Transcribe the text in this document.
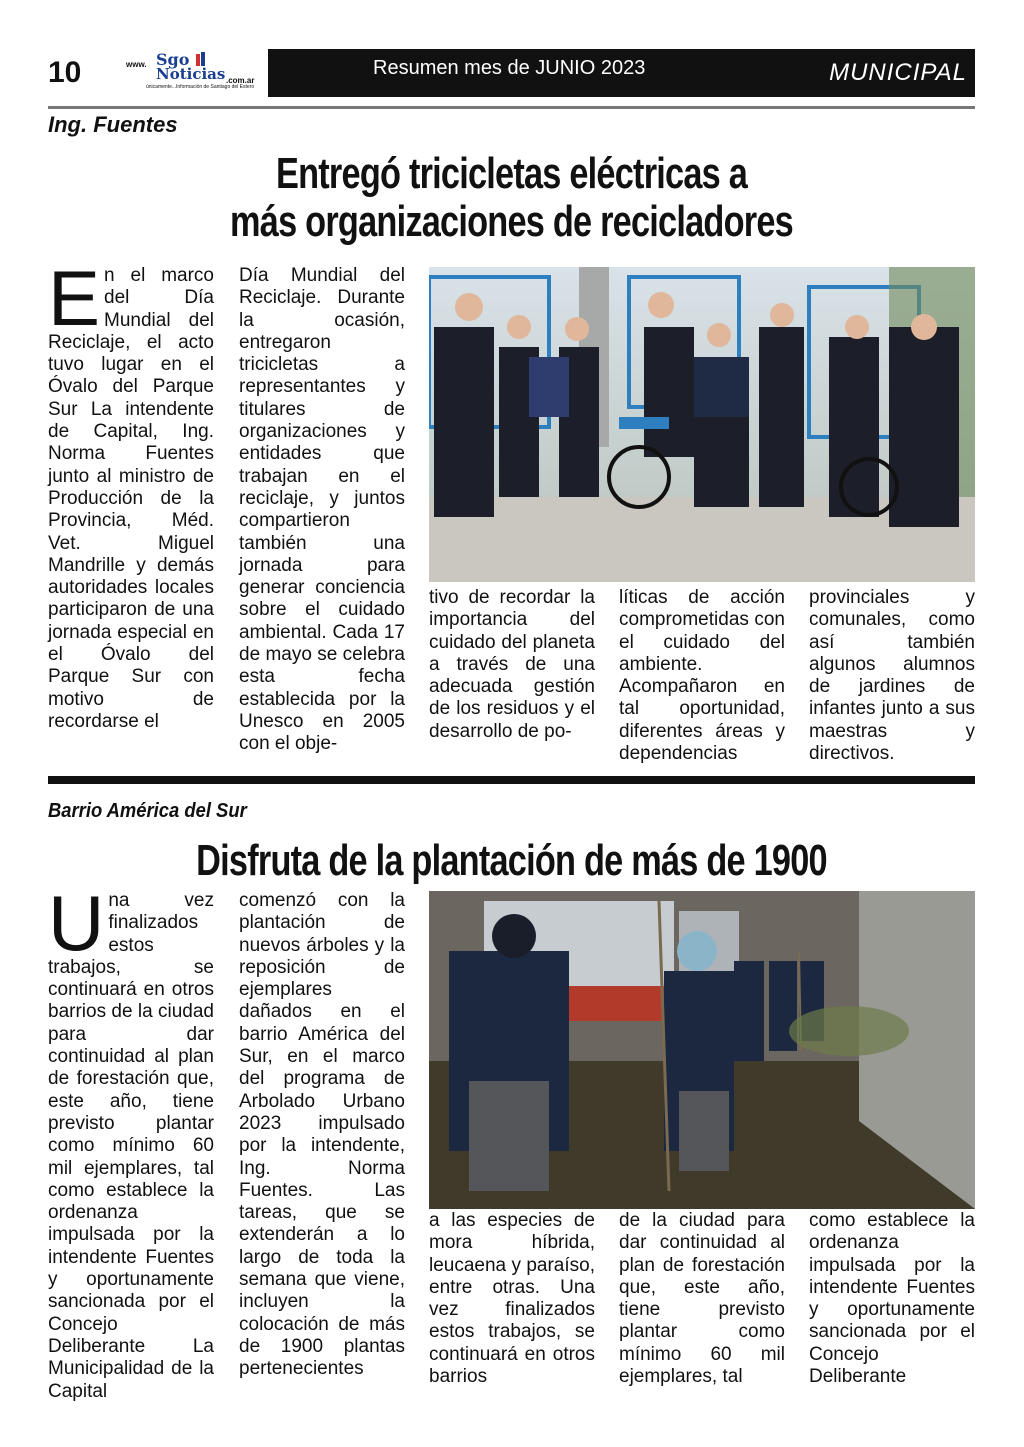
10	www. Sgo
Noticias .com.ar
ùnicamente...Información de Santiago del Estero
Resumen mes de JUNIO 2023	MUNICIPAL
Ing. Fuentes
Entregó tricicletas eléctricas a
más organizaciones de recicladores
E n el marco del Día Mundial del Reciclaje, el acto tuvo lugar en el Óvalo del Parque Sur La intendente de Capital, Ing. Norma Fuentes junto al ministro de Producción de la Provincia, Méd. Vet. Miguel Mandrille y demás autoridades locales participaron de una jornada especial en el Óvalo del Parque Sur con motivo de recordarse el
Día Mundial del Reciclaje. Durante la ocasión, entregaron tricicletas a representantes y titulares de organizaciones y entidades que trabajan en el reciclaje, y juntos compartieron también una jornada para generar conciencia sobre el cuidado ambiental. Cada 17 de mayo se celebra esta fecha establecida por la Unesco en 2005 con el obje-
tivo de recordar la importancia del cuidado del planeta a través de una adecuada gestión de los residuos y el desarrollo de po-
líticas de acción comprometidas con el cuidado del ambiente. Acompañaron en tal oportunidad, diferentes áreas y dependencias
provinciales y comunales, como así también algunos alumnos de jardines de infantes junto a sus maestras y directivos.
Barrio América del Sur
Disfruta de la plantación de más de 1900
U na vez finalizados estos trabajos, se continuará en otros barrios de la ciudad para dar continuidad al plan de forestación que, este año, tiene previsto plantar como mínimo 60 mil ejemplares, tal como establece la ordenanza impulsada por la intendente Fuentes y oportunamente sancionada por el Concejo Deliberante La Municipalidad de la Capital
comenzó con la plantación de nuevos árboles y la reposición de ejemplares dañados en el barrio América del Sur, en el marco del programa de Arbolado Urbano 2023 impulsado por la intendente, Ing. Norma Fuentes. Las tareas, que se extenderán a lo largo de toda la semana que viene, incluyen la colocación de más de 1900 plantas pertenecientes
a las especies de mora híbrida, leucaena y paraíso, entre otras. Una vez finalizados estos trabajos, se continuará en otros barrios
de la ciudad para dar continuidad al plan de forestación que, este año, tiene previsto plantar como mínimo 60 mil ejemplares, tal
como establece la ordenanza impulsada por la intendente Fuentes y oportunamente sancionada por el Concejo Deliberante
